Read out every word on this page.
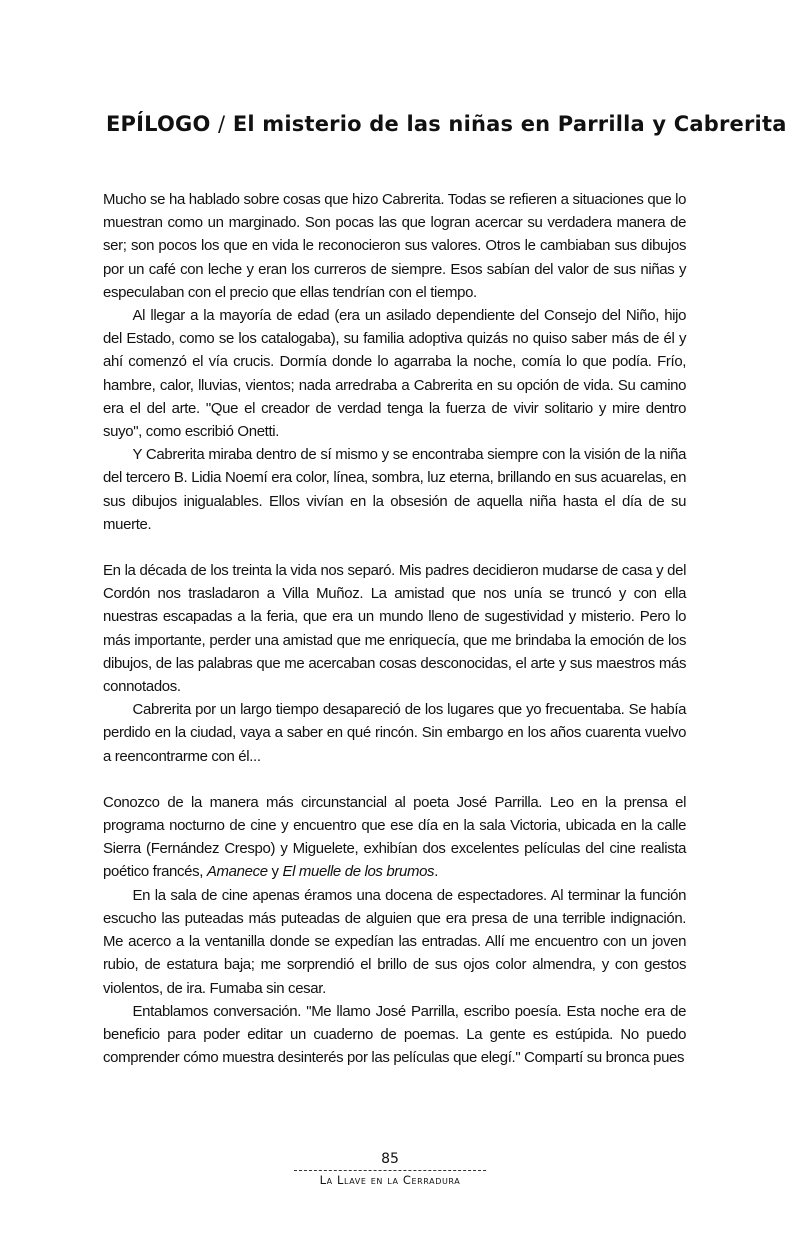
EPÍLOGO / El misterio de las niñas en Parrilla y Cabrerita

Mucho se ha hablado sobre cosas que hizo Cabrerita. Todas se refieren a situaciones que lo muestran como un marginado. Son pocas las que logran acercar su verdadera manera de ser; son pocos los que en vida le reconocieron sus valores. Otros le cambiaban sus dibujos por un café con leche y eran los curreros de siempre. Esos sabían del valor de sus niñas y especulaban con el precio que ellas tendrían con el tiempo.

Al llegar a la mayoría de edad (era un asilado dependiente del Consejo del Niño, hijo del Estado, como se los catalogaba), su familia adoptiva quizás no quiso saber más de él y ahí comenzó el vía crucis. Dormía donde lo agarraba la noche, comía lo que podía. Frío, hambre, calor, lluvias, vientos; nada arredraba a Cabrerita en su opción de vida. Su camino era el del arte. "Que el creador de verdad tenga la fuerza de vivir solitario y mire dentro suyo", como escribió Onetti.

Y Cabrerita miraba dentro de sí mismo y se encontraba siempre con la visión de la niña del tercero B. Lidia Noemí era color, línea, sombra, luz eterna, brillando en sus acuarelas, en sus dibujos inigualables. Ellos vivían en la obsesión de aquella niña hasta el día de su muerte.

En la década de los treinta la vida nos separó. Mis padres decidieron mudarse de casa y del Cordón nos trasladaron a Villa Muñoz. La amistad que nos unía se truncó y con ella nuestras escapadas a la feria, que era un mundo lleno de sugestividad y misterio. Pero lo más importante, perder una amistad que me enriquecía, que me brindaba la emoción de los dibujos, de las palabras que me acercaban cosas desconocidas, el arte y sus maestros más connotados.

Cabrerita por un largo tiempo desapareció de los lugares que yo frecuentaba. Se había perdido en la ciudad, vaya a saber en qué rincón. Sin embargo en los años cuarenta vuelvo a reencontrarme con él...

Conozco de la manera más circunstancial al poeta José Parrilla. Leo en la prensa el programa nocturno de cine y encuentro que ese día en la sala Victoria, ubicada en la calle Sierra (Fernández Crespo) y Miguelete, exhibían dos excelentes películas del cine realista poético francés, Amanece y El muelle de los brumos.

En la sala de cine apenas éramos una docena de espectadores. Al terminar la función escucho las puteadas más puteadas de alguien que era presa de una terrible indignación. Me acerco a la ventanilla donde se expedían las entradas. Allí me encuentro con un joven rubio, de estatura baja; me sorprendió el brillo de sus ojos color almendra, y con gestos violentos, de ira. Fumaba sin cesar.

Entablamos conversación. "Me llamo José Parrilla, escribo poesía. Esta noche era de beneficio para poder editar un cuaderno de poemas. La gente es estúpida. No puedo comprender cómo muestra desinterés por las películas que elegí." Compartí su bronca pues

85
La Llave en la Cerradura
